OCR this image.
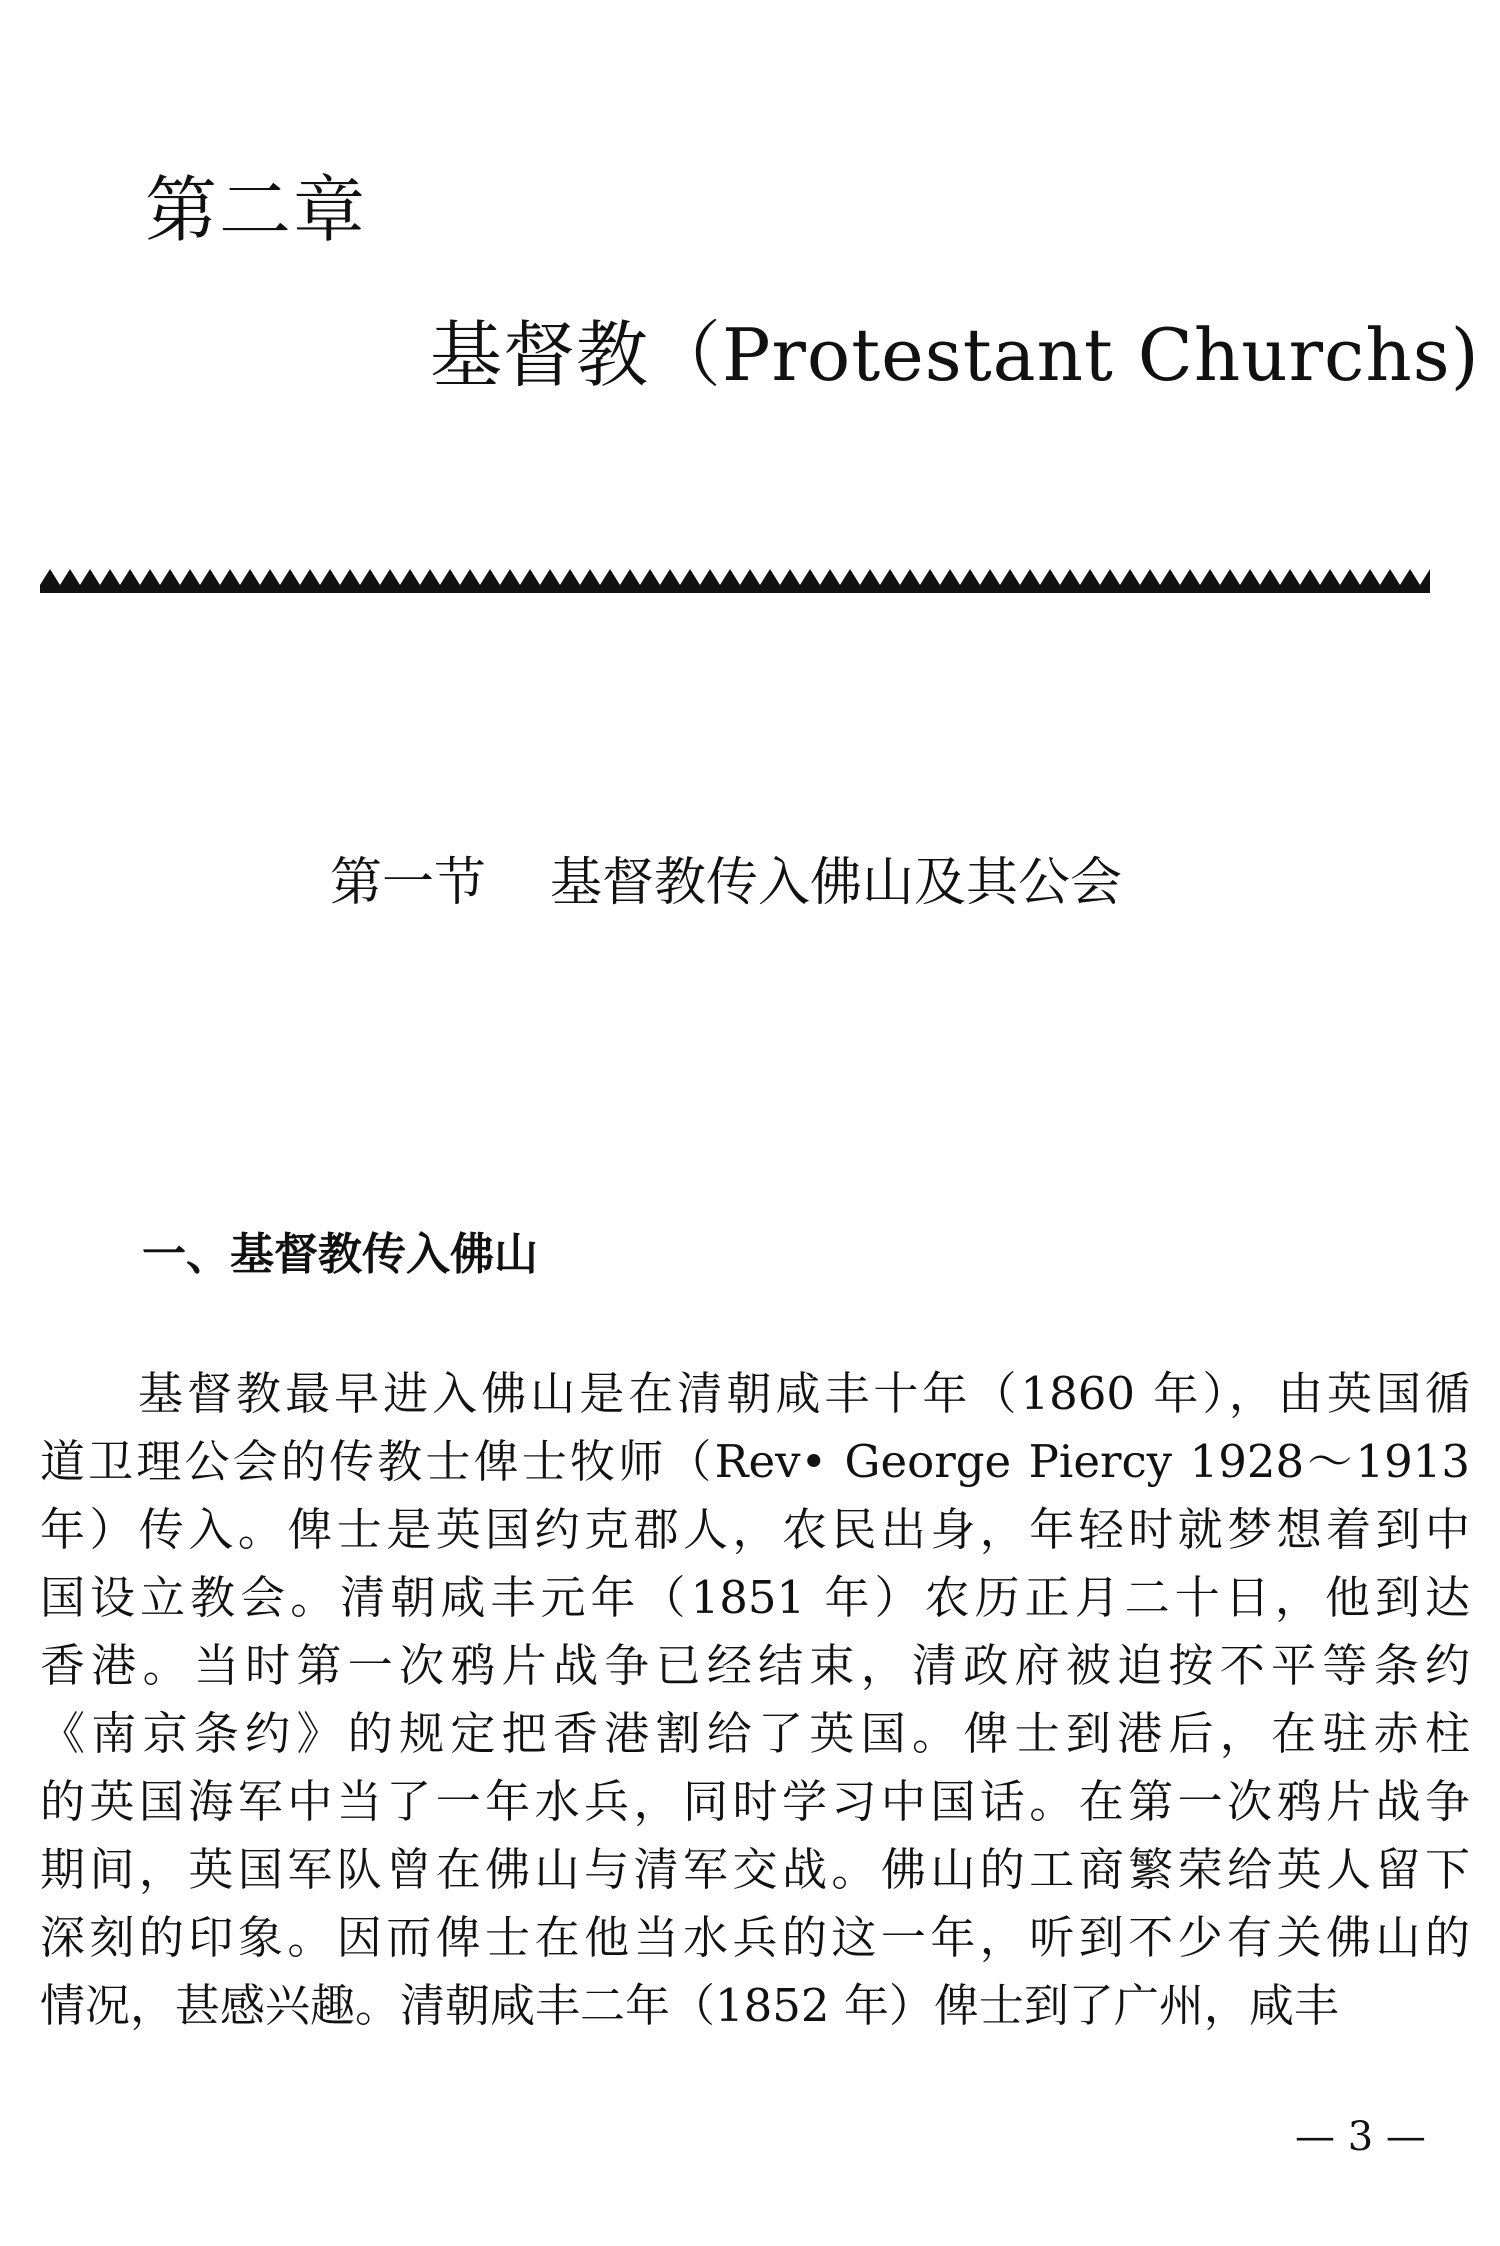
第二章
基督教（Protestant Churchs)
第一节 基督教传入佛山及其公会
一、基督教传入佛山
基督教最早进入佛山是在清朝咸丰十年（1860 年），由英国循
道卫理公会的传教士俾士牧师（Rev• George Piercy 1928～1913
年）传入。俾士是英国约克郡人，农民出身，年轻时就梦想着到中
国设立教会。清朝咸丰元年（1851 年）农历正月二十日，他到达
香港。当时第一次鸦片战争已经结束，清政府被迫按不平等条约
《南京条约》的规定把香港割给了英国。俾士到港后，在驻赤柱
的英国海军中当了一年水兵，同时学习中国话。在第一次鸦片战争
期间，英国军队曾在佛山与清军交战。佛山的工商繁荣给英人留下
深刻的印象。因而俾士在他当水兵的这一年，听到不少有关佛山的
情况，甚感兴趣。清朝咸丰二年（1852 年）俾士到了广州，咸丰
— 3 —
